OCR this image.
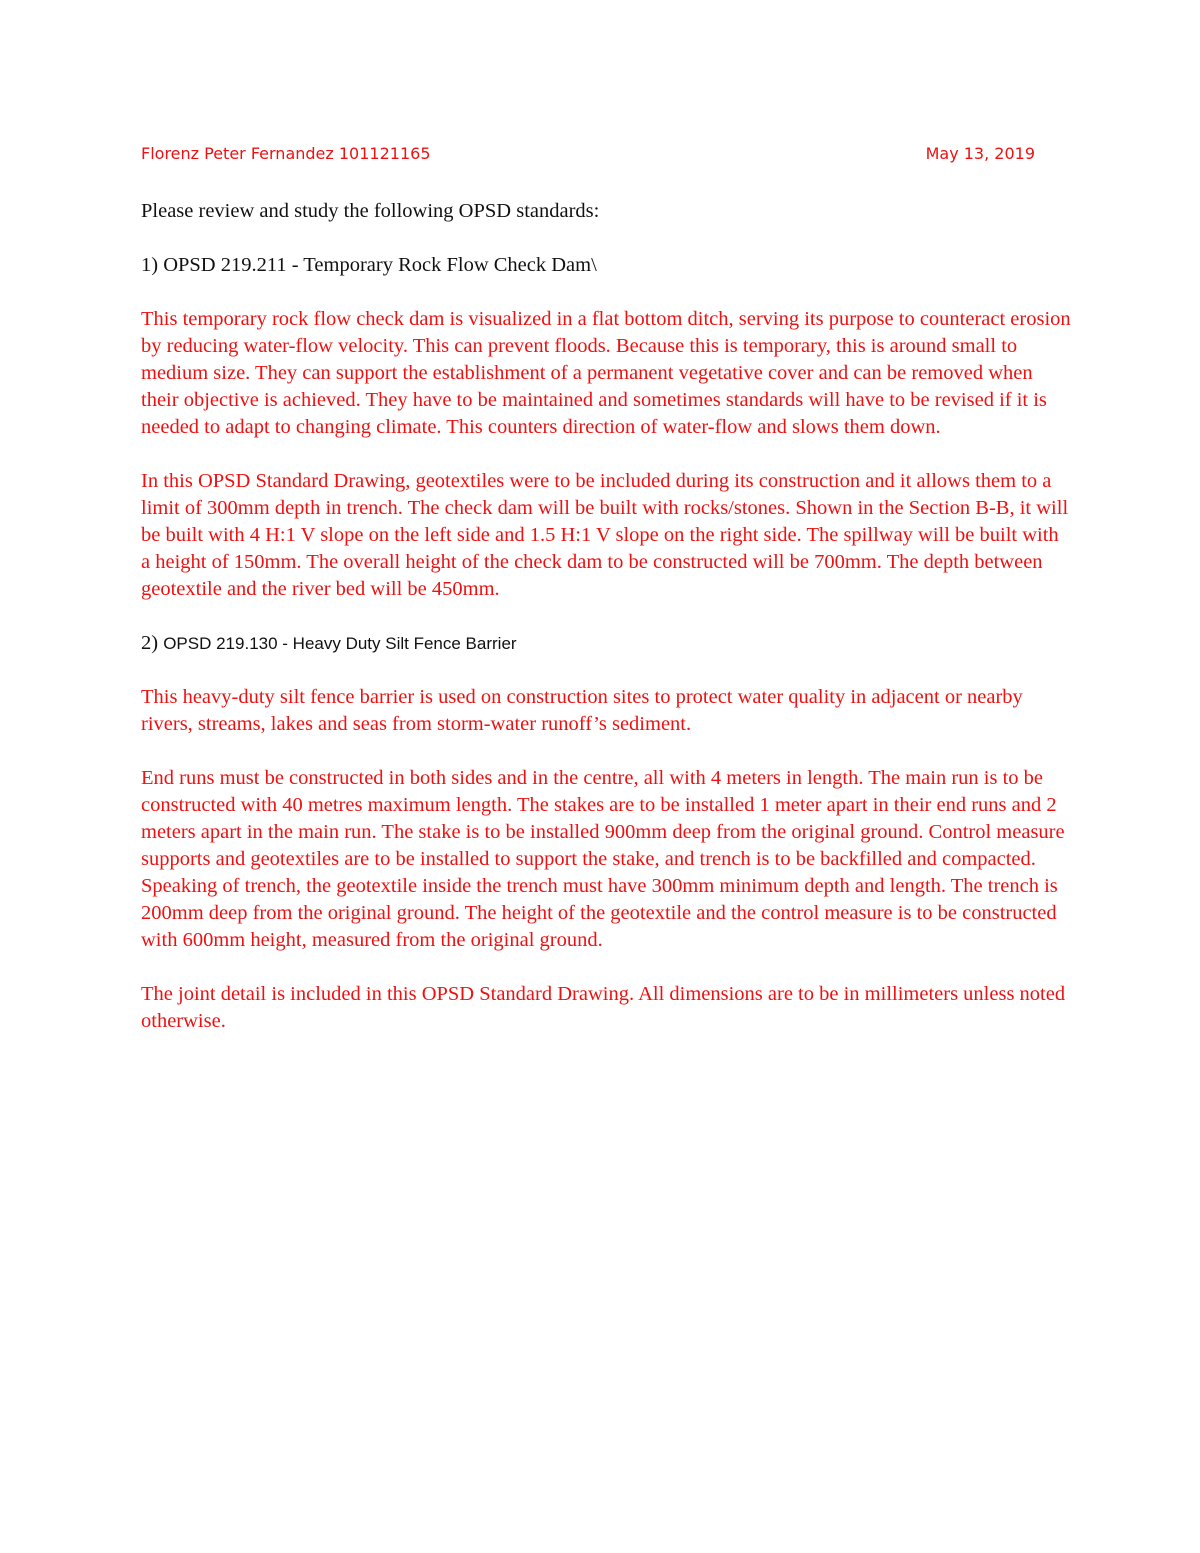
Florenz Peter Fernandez 101121165	May 13, 2019

Please review and study the following OPSD standards:

1) OPSD 219.211 - Temporary Rock Flow Check Dam\

This temporary rock flow check dam is visualized in a flat bottom ditch, serving its purpose to counteract erosion by reducing water-flow velocity. This can prevent floods. Because this is temporary, this is around small to medium size. They can support the establishment of a permanent vegetative cover and can be removed when their objective is achieved. They have to be maintained and sometimes standards will have to be revised if it is needed to adapt to changing climate. This counters direction of water-flow and slows them down.

In this OPSD Standard Drawing, geotextiles were to be included during its construction and it allows them to a limit of 300mm depth in trench. The check dam will be built with rocks/stones. Shown in the Section B-B, it will be built with 4 H:1 V slope on the left side and 1.5 H:1 V slope on the right side. The spillway will be built with a height of 150mm. The overall height of the check dam to be constructed will be 700mm. The depth between geotextile and the river bed will be 450mm.

2) OPSD 219.130 - Heavy Duty Silt Fence Barrier

This heavy-duty silt fence barrier is used on construction sites to protect water quality in adjacent or nearby rivers, streams, lakes and seas from storm-water runoff’s sediment.

End runs must be constructed in both sides and in the centre, all with 4 meters in length. The main run is to be constructed with 40 metres maximum length. The stakes are to be installed 1 meter apart in their end runs and 2 meters apart in the main run. The stake is to be installed 900mm deep from the original ground. Control measure supports and geotextiles are to be installed to support the stake, and trench is to be backfilled and compacted. Speaking of trench, the geotextile inside the trench must have 300mm minimum depth and length. The trench is 200mm deep from the original ground. The height of the geotextile and the control measure is to be constructed with 600mm height, measured from the original ground.

The joint detail is included in this OPSD Standard Drawing. All dimensions are to be in millimeters unless noted otherwise.
